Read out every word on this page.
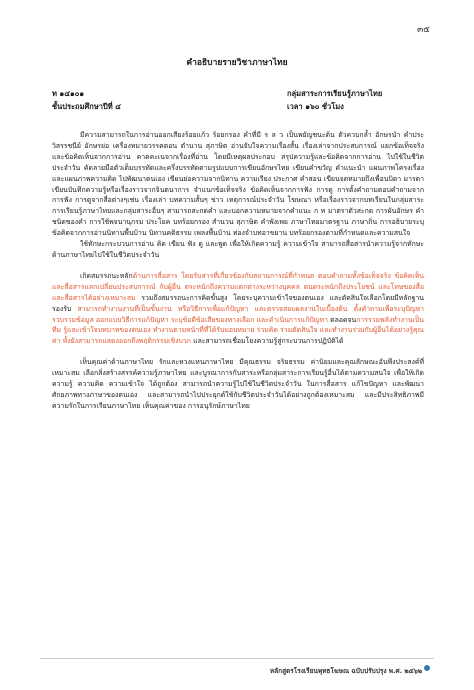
๓๕
คำอธิบายรายวิชาภาษาไทย
ท ๑๔๑๐๑	กลุ่มสาระการเรียนรู้ภาษาไทย
ชั้นประถมศึกษาปีที่ ๔	เวลา ๑๖๐ ชั่วโมง

มีความสามารถในการอ่านออกเสียงร้อยแก้ว ร้อยกรอง คำที่มี ร ล ว เป็นพยัญชนะต้น ตัวควบกล้ำ อักษรนำ คำประวิสรรชนีย์ อักษรย่อ เครื่องหมายวรรคตอน ตำนาน สุภาษิต อ่านจับใจความเรื่องสั้น เรื่องเล่าจากประสบการณ์ แยกข้อเท็จจริงและข้อคิดเห็นจากการอ่าน คาดคะเนจากเรื่องที่อ่าน โดยมีเหตุผลประกอบ สรุปความรู้และข้อคิดจากการอ่าน ไปใช้ในชีวิตประจำวัน คัดลายมือตัวเต็มบรรทัดและครึ่งบรรทัดตามรูปแบบการเขียนอักษรไทย เขียนคำขวัญ คำแนะนำ แผนภาพโครงเรื่อง และแผนภาพความคิด ไปพัฒนาตนเอง เขียนย่อความจากนิทาน ความเรียง ประกาศ คำสอน เขียนจดหมายถึงเพื่อนบิดา มารดา เขียนบันทึกความรู้หรือเรื่องราวจากจินตนาการ จำแนกข้อเท็จจริง ข้อคิดเห็นจากการฟัง การดู การตั้งคำถามตอบคำถามจากการฟัง การดูจากสื่อต่างๆเช่น เรื่องเล่า บทความสั้นๆ ข่าว เหตุการณ์ประจำวัน โฆษณา หรือเรื่องราวจากบทเรียนในกลุ่มสาระการเรียนรู้ภาษาไทยและกลุ่มสาระอื่นๆ สามารถสะกดคำ และบอกความหมายจากคำแนะ ก ท มาตราตัวสะกด การผันอักษร คำ ชนิดของคำ การใช้พจนานุกรม ประโยค บทร้อยกรอง สำนวน สุภาษิต คำพังเพย ภาษาไทยมาตรฐาน ภาษาถิ่น การอธิบายระบุข้อคิดจากการอ่านนิทานพื้นบ้าน นิทานคติธรรม เพลงพื้นบ้าน ท่องจำบทอาขยาน บทร้อยกรองตามที่กำหนดและความสนใจ

ใช้ทักษะกระบวนการอ่าน คิด เขียน ฟัง ดู และพูด เพื่อให้เกิดความรู้ ความเข้าใจ สามารถสื่อสารนำความรู้จากทักษะ ด้านภาษาไทยไปใช้ในชีวิตประจำวัน

เกิดสมรรถนะหลักด้านการสื่อสาร โดยรับสารที่เกี่ยวข้องกับสถานการณ์ที่กำหนด ตอบคำถามทั้งข้อเท็จจริง ข้อคิดเห็น และสื่อสารแลกเปลี่ยนประสบการณ์ กับผู้อื่น ตระหนักถึงความแตกต่างระหว่างบุคคล ตนตระหนักถึงประโยชน์ และโทษของสื่อ และสื่อสารได้อย่างเหมาะสม รวมถึงสมรรถนะการคิดขั้นสูง โดยระบุความเข้าใจของตนเอง และตัดสินใจเลือกโดยมีหลักฐานรองรับ สามารถทำงานงานที่เป็นขั้นงาน หรือวิธีการเพื่อแก้ปัญหา และตรวจสอบผลงานในเบื้องต้น ตั้งคำถามเพื่อระบุปัญหา รวบรวมข้อมูล ออกแบบวิธีการแก้ปัญหา ระบุข้อดีข้อเสียของทางเลือก และดำเนินการแก้ปัญหา ตลอดจนการรวมพลังทำงานเป็นทีม รู้และเข้าใจบทบาทของตนเอง ทำงานตามหน้าที่ที่ได้รับมอบหมาย ร่วมคิด ร่วมตัดสินใจ และทำงานร่วมกับผู้อื่นได้อย่างรู้คุณค่า ทั้งยังสามารถแสดงออกถึงพฤติกรรมเชิงบวก และสามารถเชื่อมโยงความรู้สู่กระบวนการปฏิบัติได้

เห็นคุณค่าด้านภาษาไทย รักและหวงแหนภาษาไทย มีคุณธรรม จริยธรรม ค่านิยมและคุณลักษณะอันพึงประสงค์ที่เหมาะสม เลือกสิ่งสร้างสรรค์ความรู้ภาษาไทย และบูรณาการกับสาระหรือกลุ่มสาระการเรียนรู้อื่นได้ตามความสนใจ เพื่อให้เกิดความรู้ ความคิด ความเข้าใจ ได้ถูกต้อง สามารถนำความรู้ไปใช้ในชีวิตประจำวัน ในการสื่อสาร แก้ไขปัญหา และพัฒนาศักยภาพทางภาษาของตนเอง และสามารถนำไปประยุกต์ใช้กับชีวิตประจำวันได้อย่างถูกต้องเหมาะสม และมีประสิทธิภาพมีความรักในการเรียนภาษาไทย เห็นคุณค่าของ การอนุรักษ์ภาษาไทย

หลักสูตรโรงเรียนพุทธโฆษณ ฉบับปรับปรุง พ.ศ. ๒๕๖๒
